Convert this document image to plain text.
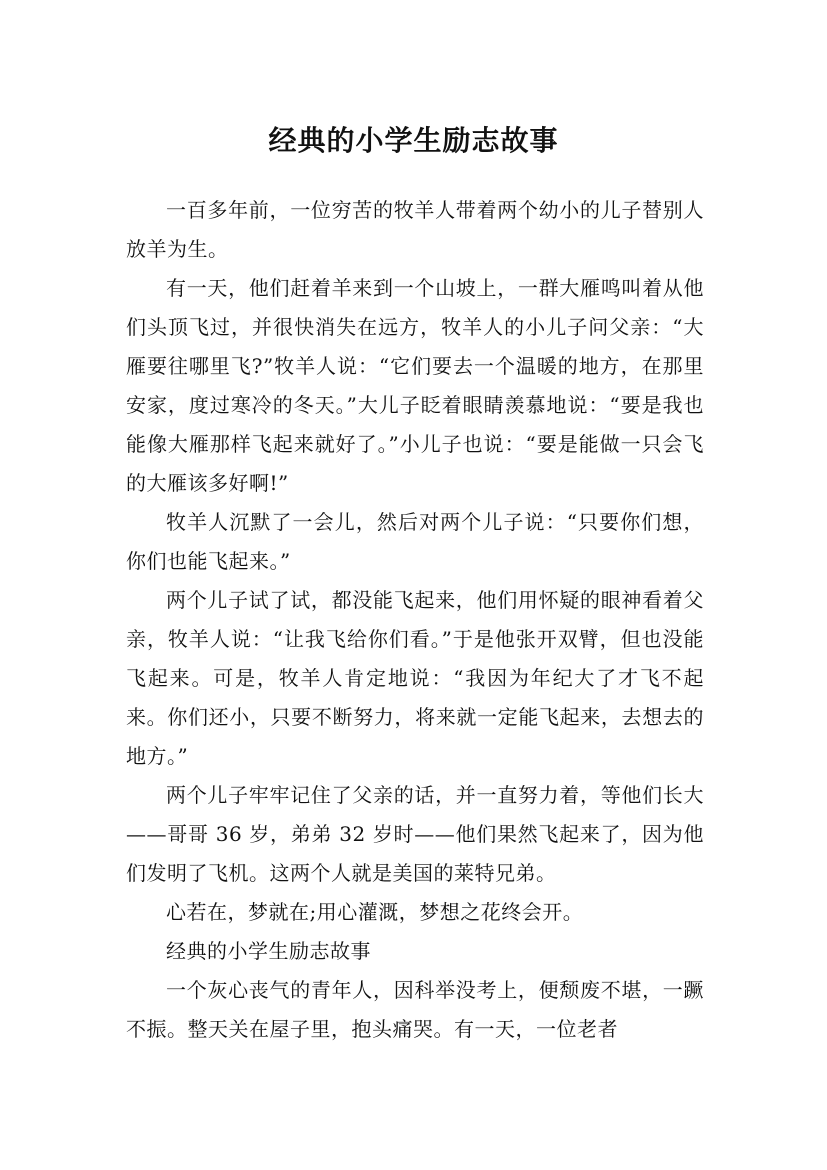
经典的小学生励志故事

一百多年前，一位穷苦的牧羊人带着两个幼小的儿子替别人放羊为生。

有一天，他们赶着羊来到一个山坡上，一群大雁鸣叫着从他们头顶飞过，并很快消失在远方，牧羊人的小儿子问父亲：“大雁要往哪里飞?”牧羊人说：“它们要去一个温暖的地方，在那里安家，度过寒冷的冬天。”大儿子眨着眼睛羡慕地说：“要是我也能像大雁那样飞起来就好了。”小儿子也说：“要是能做一只会飞的大雁该多好啊!”

牧羊人沉默了一会儿，然后对两个儿子说：“只要你们想，你们也能飞起来。”

两个儿子试了试，都没能飞起来，他们用怀疑的眼神看着父亲，牧羊人说：“让我飞给你们看。”于是他张开双臂，但也没能飞起来。可是，牧羊人肯定地说：“我因为年纪大了才飞不起来。你们还小，只要不断努力，将来就一定能飞起来，去想去的地方。”

两个儿子牢牢记住了父亲的话，并一直努力着，等他们长大——哥哥 36 岁，弟弟 32 岁时——他们果然飞起来了，因为他们发明了飞机。这两个人就是美国的莱特兄弟。

心若在，梦就在;用心灌溉，梦想之花终会开。

经典的小学生励志故事

一个灰心丧气的青年人，因科举没考上，便颓废不堪，一蹶不振。整天关在屋子里，抱头痛哭。有一天，一位老者
